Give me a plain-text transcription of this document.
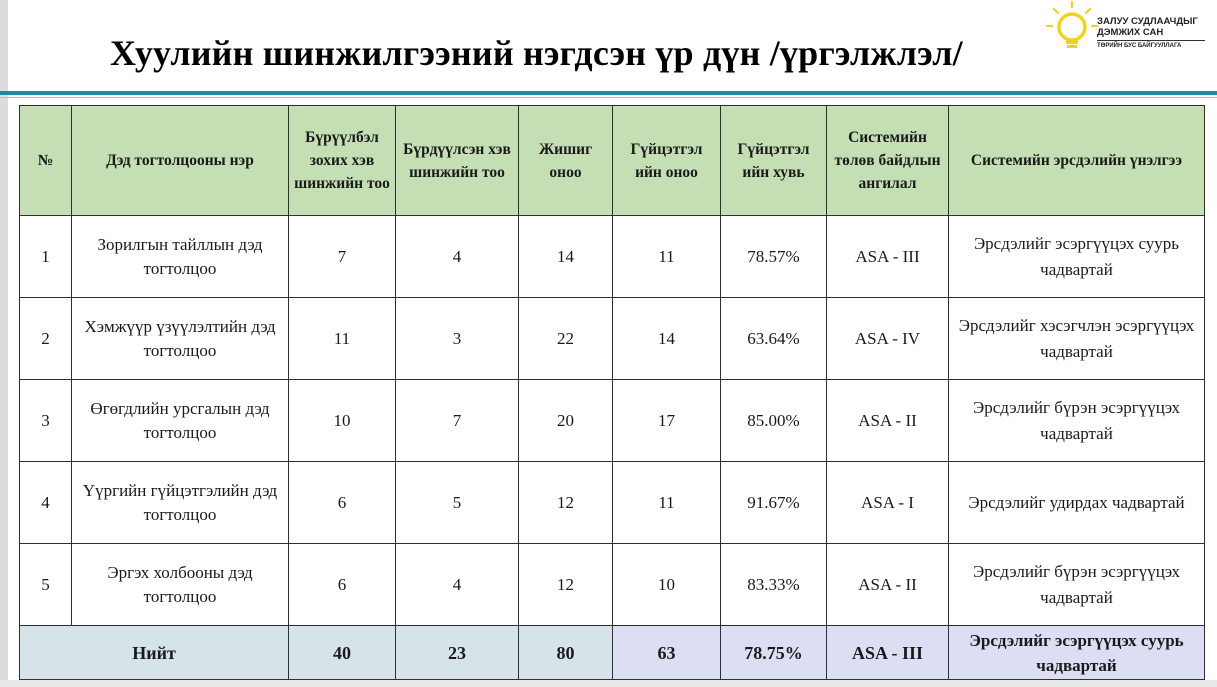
Хуулийн шинжилгээний нэгдсэн үр дүн /үргэлжлэл/
ЗАЛУУ СУДЛААЧДЫГ
ДЭМЖИХ САН
ТӨРИЙН БУС БАЙГУУЛЛАГА
№	Дэд тогтолцооны нэр	Бүрүүлбэл зохих хэв шинжийн тоо	Бүрдүүлсэн хэв шинжийн тоо	Жишиг оноо	Гүйцэтгэл ийн оноо	Гүйцэтгэл ийн хувь	Системийн төлөв байдлын ангилал	Системийн эрсдэлийн үнэлгээ
1	Зорилгын тайллын дэд тогтолцоо	7	4	14	11	78.57%	ASA - III	Эрсдэлийг эсэргүүцэх суурь чадвартай
2	Хэмжүүр үзүүлэлтийн дэд тогтолцоо	11	3	22	14	63.64%	ASA - IV	Эрсдэлийг хэсэгчлэн эсэргүүцэх чадвартай
3	Өгөгдлийн урсгалын дэд тогтолцоо	10	7	20	17	85.00%	ASA - II	Эрсдэлийг бүрэн эсэргүүцэх чадвартай
4	Үүргийн гүйцэтгэлийн дэд тогтолцоо	6	5	12	11	91.67%	ASA - I	Эрсдэлийг удирдах чадвартай
5	Эргэх холбооны дэд тогтолцоо	6	4	12	10	83.33%	ASA - II	Эрсдэлийг бүрэн эсэргүүцэх чадвартай
Нийт		40	23	80	63	78.75%	ASA - III	Эрсдэлийг эсэргүүцэх суурь чадвартай
